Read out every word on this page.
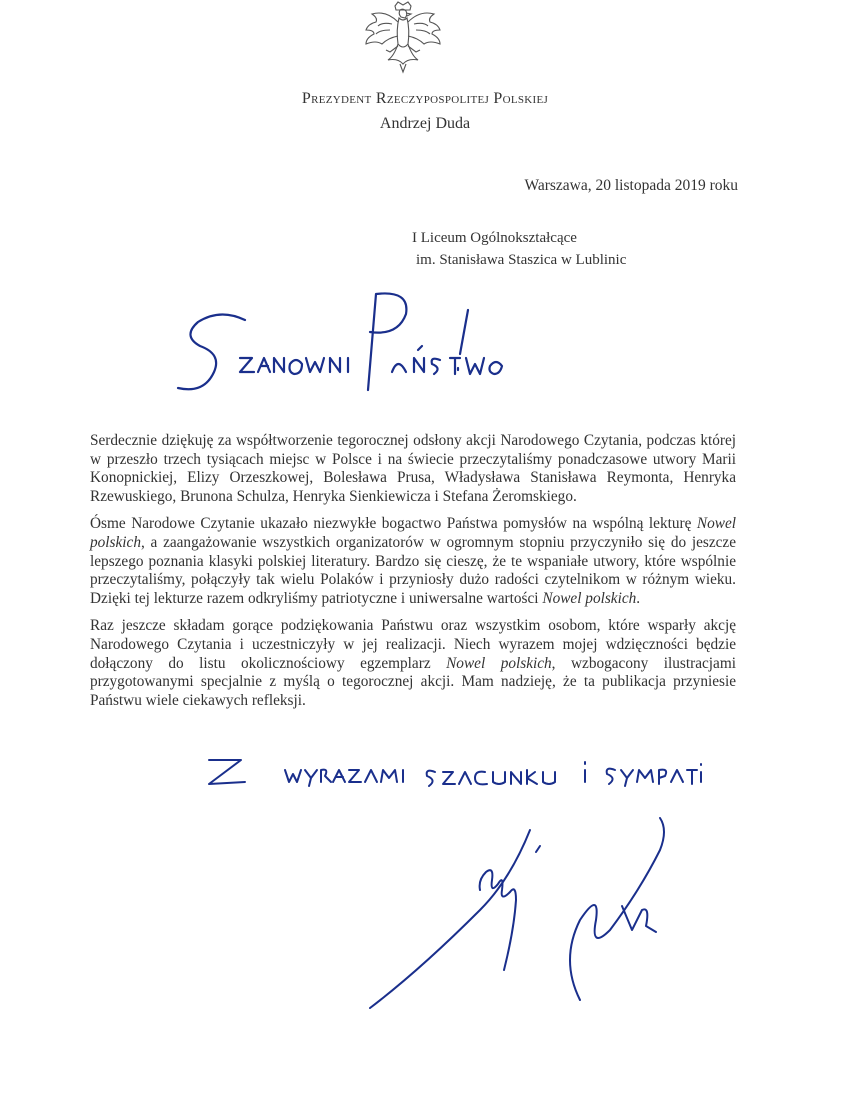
Prezydent Rzeczypospolitej Polskiej
Andrzej Duda
Warszawa, 20 listopada 2019 roku
I Liceum Ogólnokształcące
im. Stanisława Staszica w Lublinic

Serdecznie dziękuję za współtworzenie tegorocznej odsłony akcji Narodowego Czytania, podczas której w przeszło trzech tysiącach miejsc w Polsce i na świecie przeczytaliśmy ponadczasowe utwory Marii Konopnickiej, Elizy Orzeszkowej, Bolesława Prusa, Władysława Stanisława Reymonta, Henryka Rzewuskiego, Brunona Schulza, Henryka Sienkiewicza i Stefana Żeromskiego.

Ósme Narodowe Czytanie ukazało niezwykłe bogactwo Państwa pomysłów na wspólną lekturę Nowel polskich, a zaangażowanie wszystkich organizatorów w ogromnym stopniu przyczyniło się do jeszcze lepszego poznania klasyki polskiej literatury. Bardzo się cieszę, że te wspaniałe utwory, które wspólnie przeczytaliśmy, połączyły tak wielu Polaków i przyniosły dużo radości czytelnikom w różnym wieku. Dzięki tej lekturze razem odkryliśmy patriotyczne i uniwersalne wartości Nowel polskich.

Raz jeszcze składam gorące podziękowania Państwu oraz wszystkim osobom, które wsparły akcję Narodowego Czytania i uczestniczyły w jej realizacji. Niech wyrazem mojej wdzięczności będzie dołączony do listu okolicznościowy egzemplarz Nowel polskich, wzbogacony ilustracjami przygotowanymi specjalnie z myślą o tegorocznej akcji. Mam nadzieję, że ta publikacja przyniesie Państwu wiele ciekawych refleksji.
